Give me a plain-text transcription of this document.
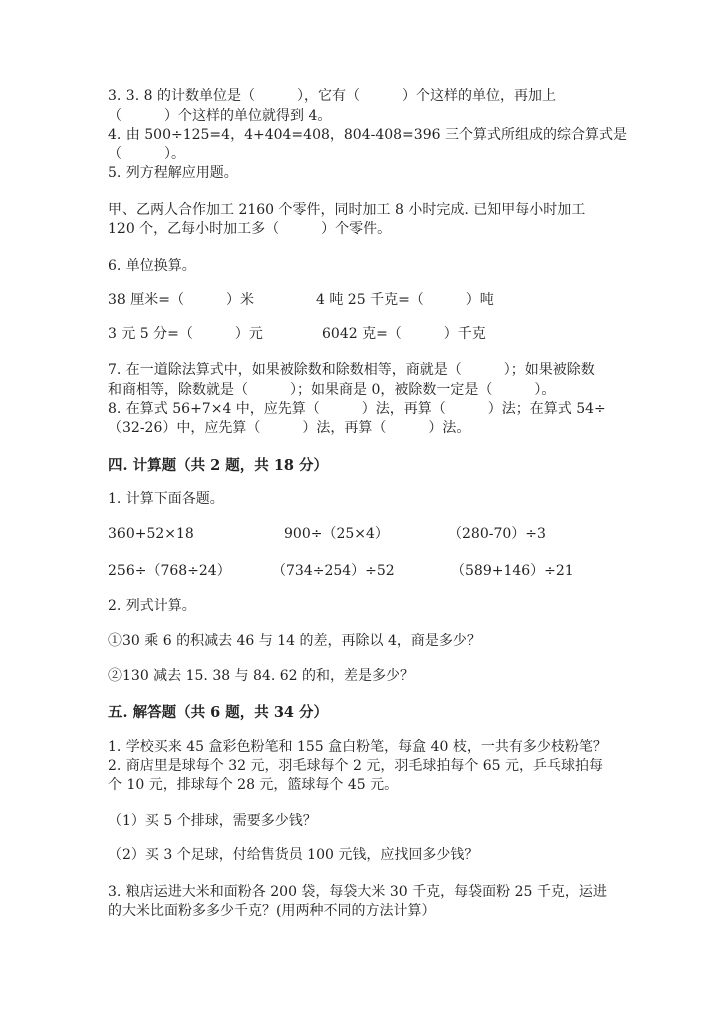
3. 3. 8 的计数单位是（　　　），它有（　　　）个这样的单位，再加上
（　　　）个这样的单位就得到 4。
4. 由 500÷125=4，4+404=408，804-408=396 三个算式所组成的综合算式是
（　　　）。
5. 列方程解应用题。
甲、乙两人合作加工 2160 个零件，同时加工 8 小时完成. 已知甲每小时加工
120 个，乙每小时加工多（　　　）个零件。
6. 单位换算。
38 厘米=（　　　）米	4 吨 25 千克=（　　　）吨
3 元 5 分=（　　　）元	6042 克=（　　　）千克
7. 在一道除法算式中，如果被除数和除数相等，商就是（　　　）；如果被除数
和商相等，除数就是（　　　）；如果商是 0，被除数一定是（　　　）。
8. 在算式 56+7×4 中，应先算（　　　）法，再算（　　　）法；在算式 54÷
（32-26）中，应先算（　　　）法，再算（　　　）法。
四. 计算题（共 2 题，共 18 分）
1. 计算下面各题。
360+52×18	900÷（25×4）	（280-70）÷3
256÷（768÷24）	（734÷254）÷52	（589+146）÷21
2. 列式计算。
①30 乘 6 的积减去 46 与 14 的差，再除以 4，商是多少？
②130 减去 15. 38 与 84. 62 的和，差是多少？
五. 解答题（共 6 题，共 34 分）
1. 学校买来 45 盒彩色粉笔和 155 盒白粉笔，每盒 40 枝，一共有多少枝粉笔？
2. 商店里是球每个 32 元，羽毛球每个 2 元，羽毛球拍每个 65 元，乒乓球拍每
个 10 元，排球每个 28 元，篮球每个 45 元。
（1）买 5 个排球，需要多少钱？
（2）买 3 个足球，付给售货员 100 元钱，应找回多少钱？
3. 粮店运进大米和面粉各 200 袋，每袋大米 30 千克，每袋面粉 25 千克，运进
的大米比面粉多多少千克？(用两种不同的方法计算）
